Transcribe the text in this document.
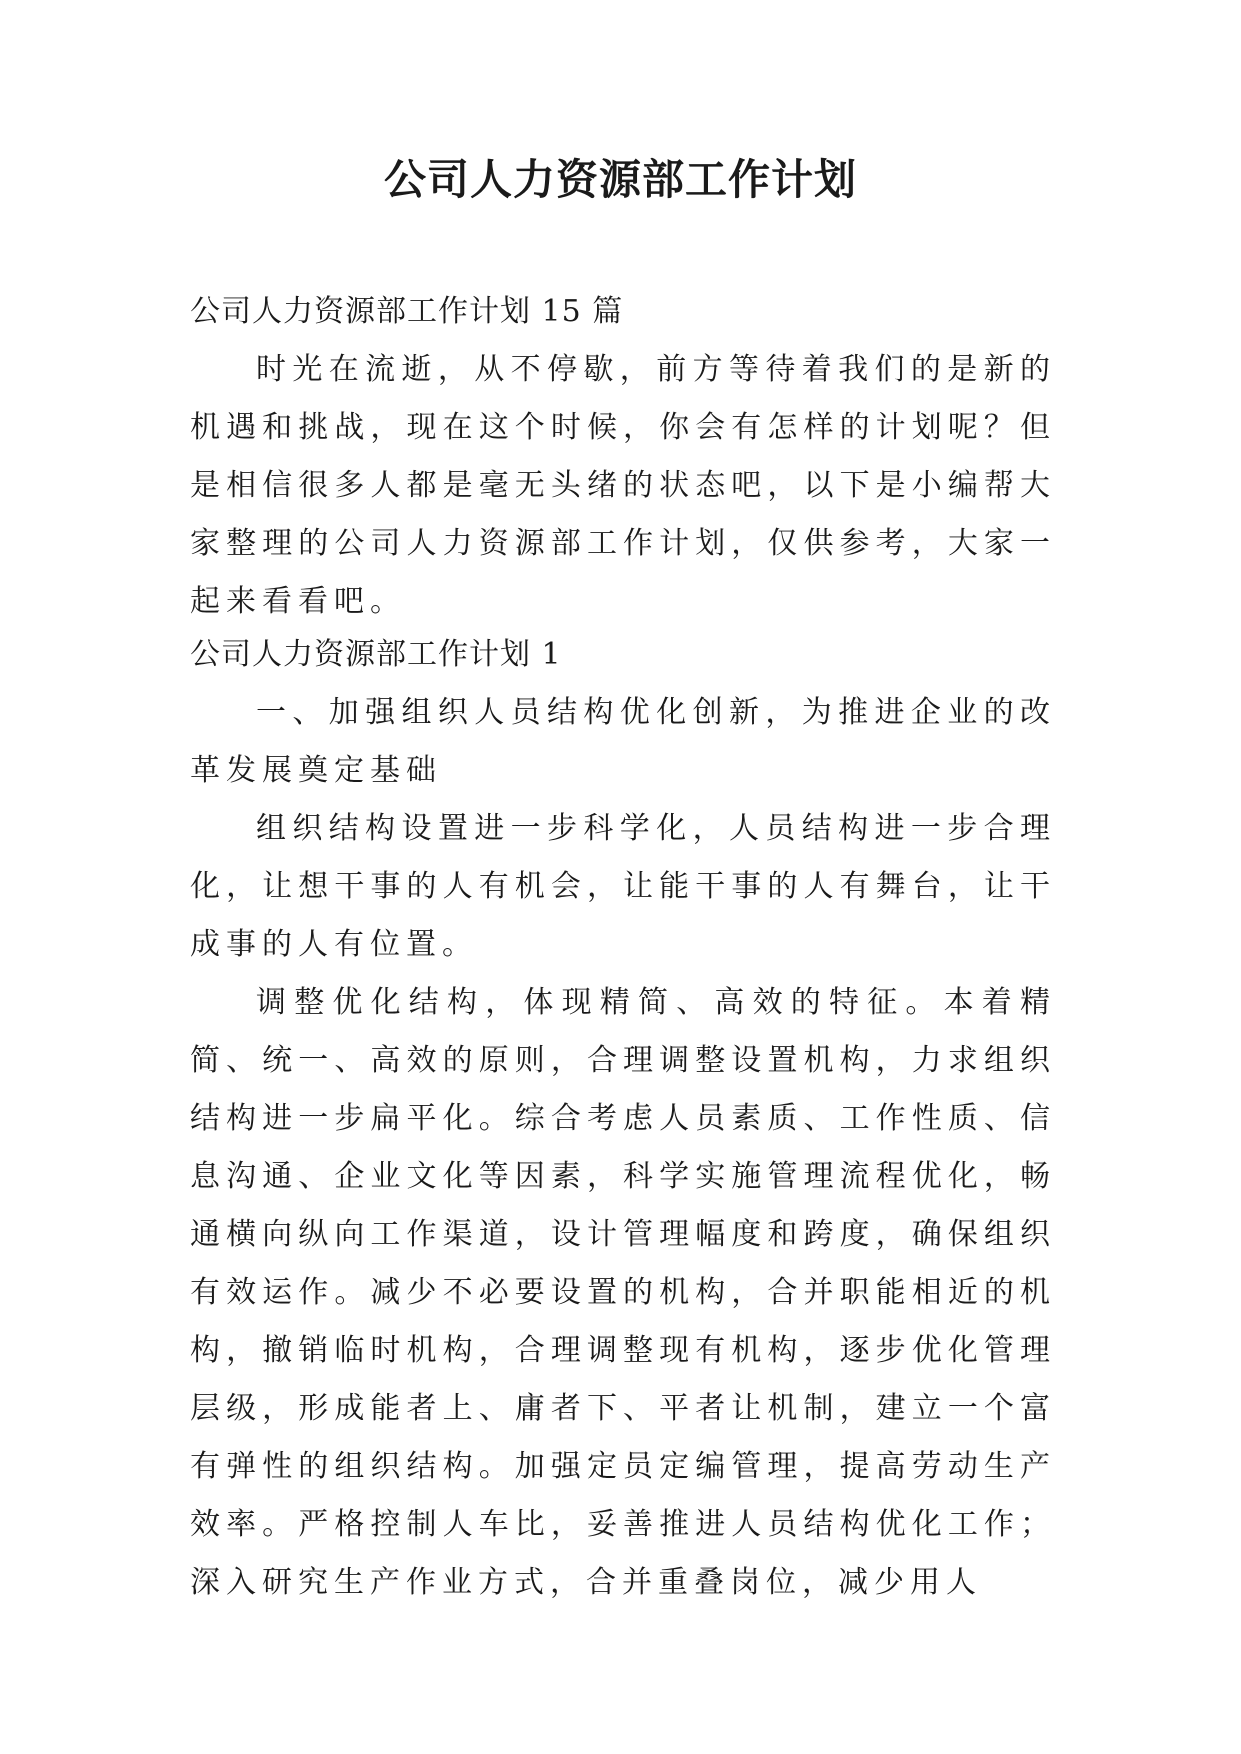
公司人力资源部工作计划

公司人力资源部工作计划 15 篇

时光在流逝，从不停歇，前方等待着我们的是新的机遇和挑战，现在这个时候，你会有怎样的计划呢？但是相信很多人都是毫无头绪的状态吧，以下是小编帮大家整理的公司人力资源部工作计划，仅供参考，大家一起来看看吧。

公司人力资源部工作计划 1

一、加强组织人员结构优化创新，为推进企业的改革发展奠定基础

组织结构设置进一步科学化，人员结构进一步合理化，让想干事的人有机会，让能干事的人有舞台，让干成事的人有位置。

调整优化结构，体现精简、高效的特征。本着精简、统一、高效的原则，合理调整设置机构，力求组织结构进一步扁平化。综合考虑人员素质、工作性质、信息沟通、企业文化等因素，科学实施管理流程优化，畅通横向纵向工作渠道，设计管理幅度和跨度，确保组织有效运作。减少不必要设置的机构，合并职能相近的机构，撤销临时机构，合理调整现有机构，逐步优化管理层级，形成能者上、庸者下、平者让机制，建立一个富有弹性的组织结构。加强定员定编管理，提高劳动生产效率。严格控制人车比，妥善推进人员结构优化工作；深入研究生产作业方式，合并重叠岗位，减少用人
